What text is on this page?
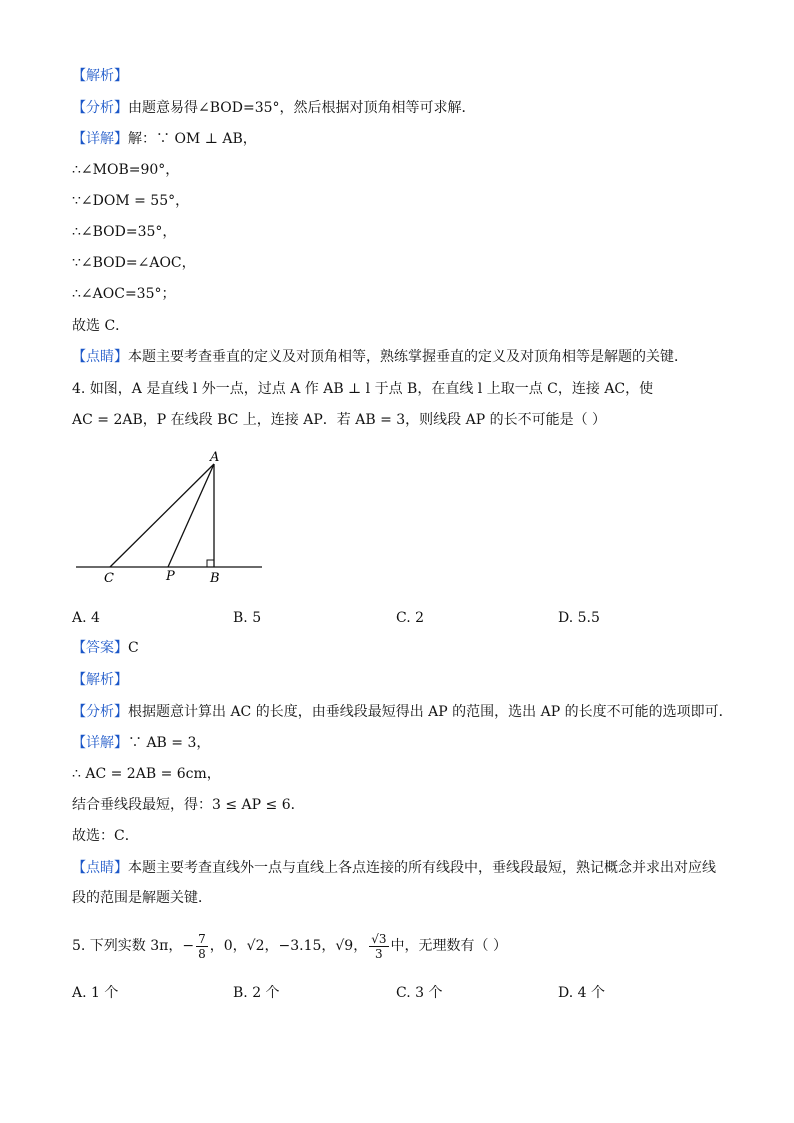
【解析】
【分析】由题意易得∠BOD=35°，然后根据对顶角相等可求解．
【详解】解：∵ OM ⊥ AB，
∴∠MOB=90°，
∵∠DOM = 55°，
∴∠BOD=35°，
∵∠BOD=∠AOC，
∴∠AOC=35°；
故选 C．
【点睛】本题主要考查垂直的定义及对顶角相等，熟练掌握垂直的定义及对顶角相等是解题的关键．
4. 如图，A 是直线 l 外一点，过点 A 作 AB ⊥ l 于点 B，在直线 l 上取一点 C，连接 AC，使
AC = 2AB，P 在线段 BC 上，连接 AP．若 AB = 3，则线段 AP 的长不可能是（ ）
A
C	P	B
A. 4	B. 5	C. 2	D. 5.5
【答案】C
【解析】
【分析】根据题意计算出 AC 的长度，由垂线段最短得出 AP 的范围，选出 AP 的长度不可能的选项即可．
【详解】∵ AB = 3，
∴ AC = 2AB = 6cm，
结合垂线段最短，得：3 ≤ AP ≤ 6．
故选：C．
【点睛】本题主要考查直线外一点与直线上各点连接的所有线段中，垂线段最短，熟记概念并求出对应线
段的范围是解题关键．
5. 下列实数 3π，− $\frac{7}{8}$ ，0，√2，−3.15，√9， $\frac{√3}{3}$ 中，无理数有（ ）
A. 1 个	B. 2 个	C. 3 个	D. 4 个
